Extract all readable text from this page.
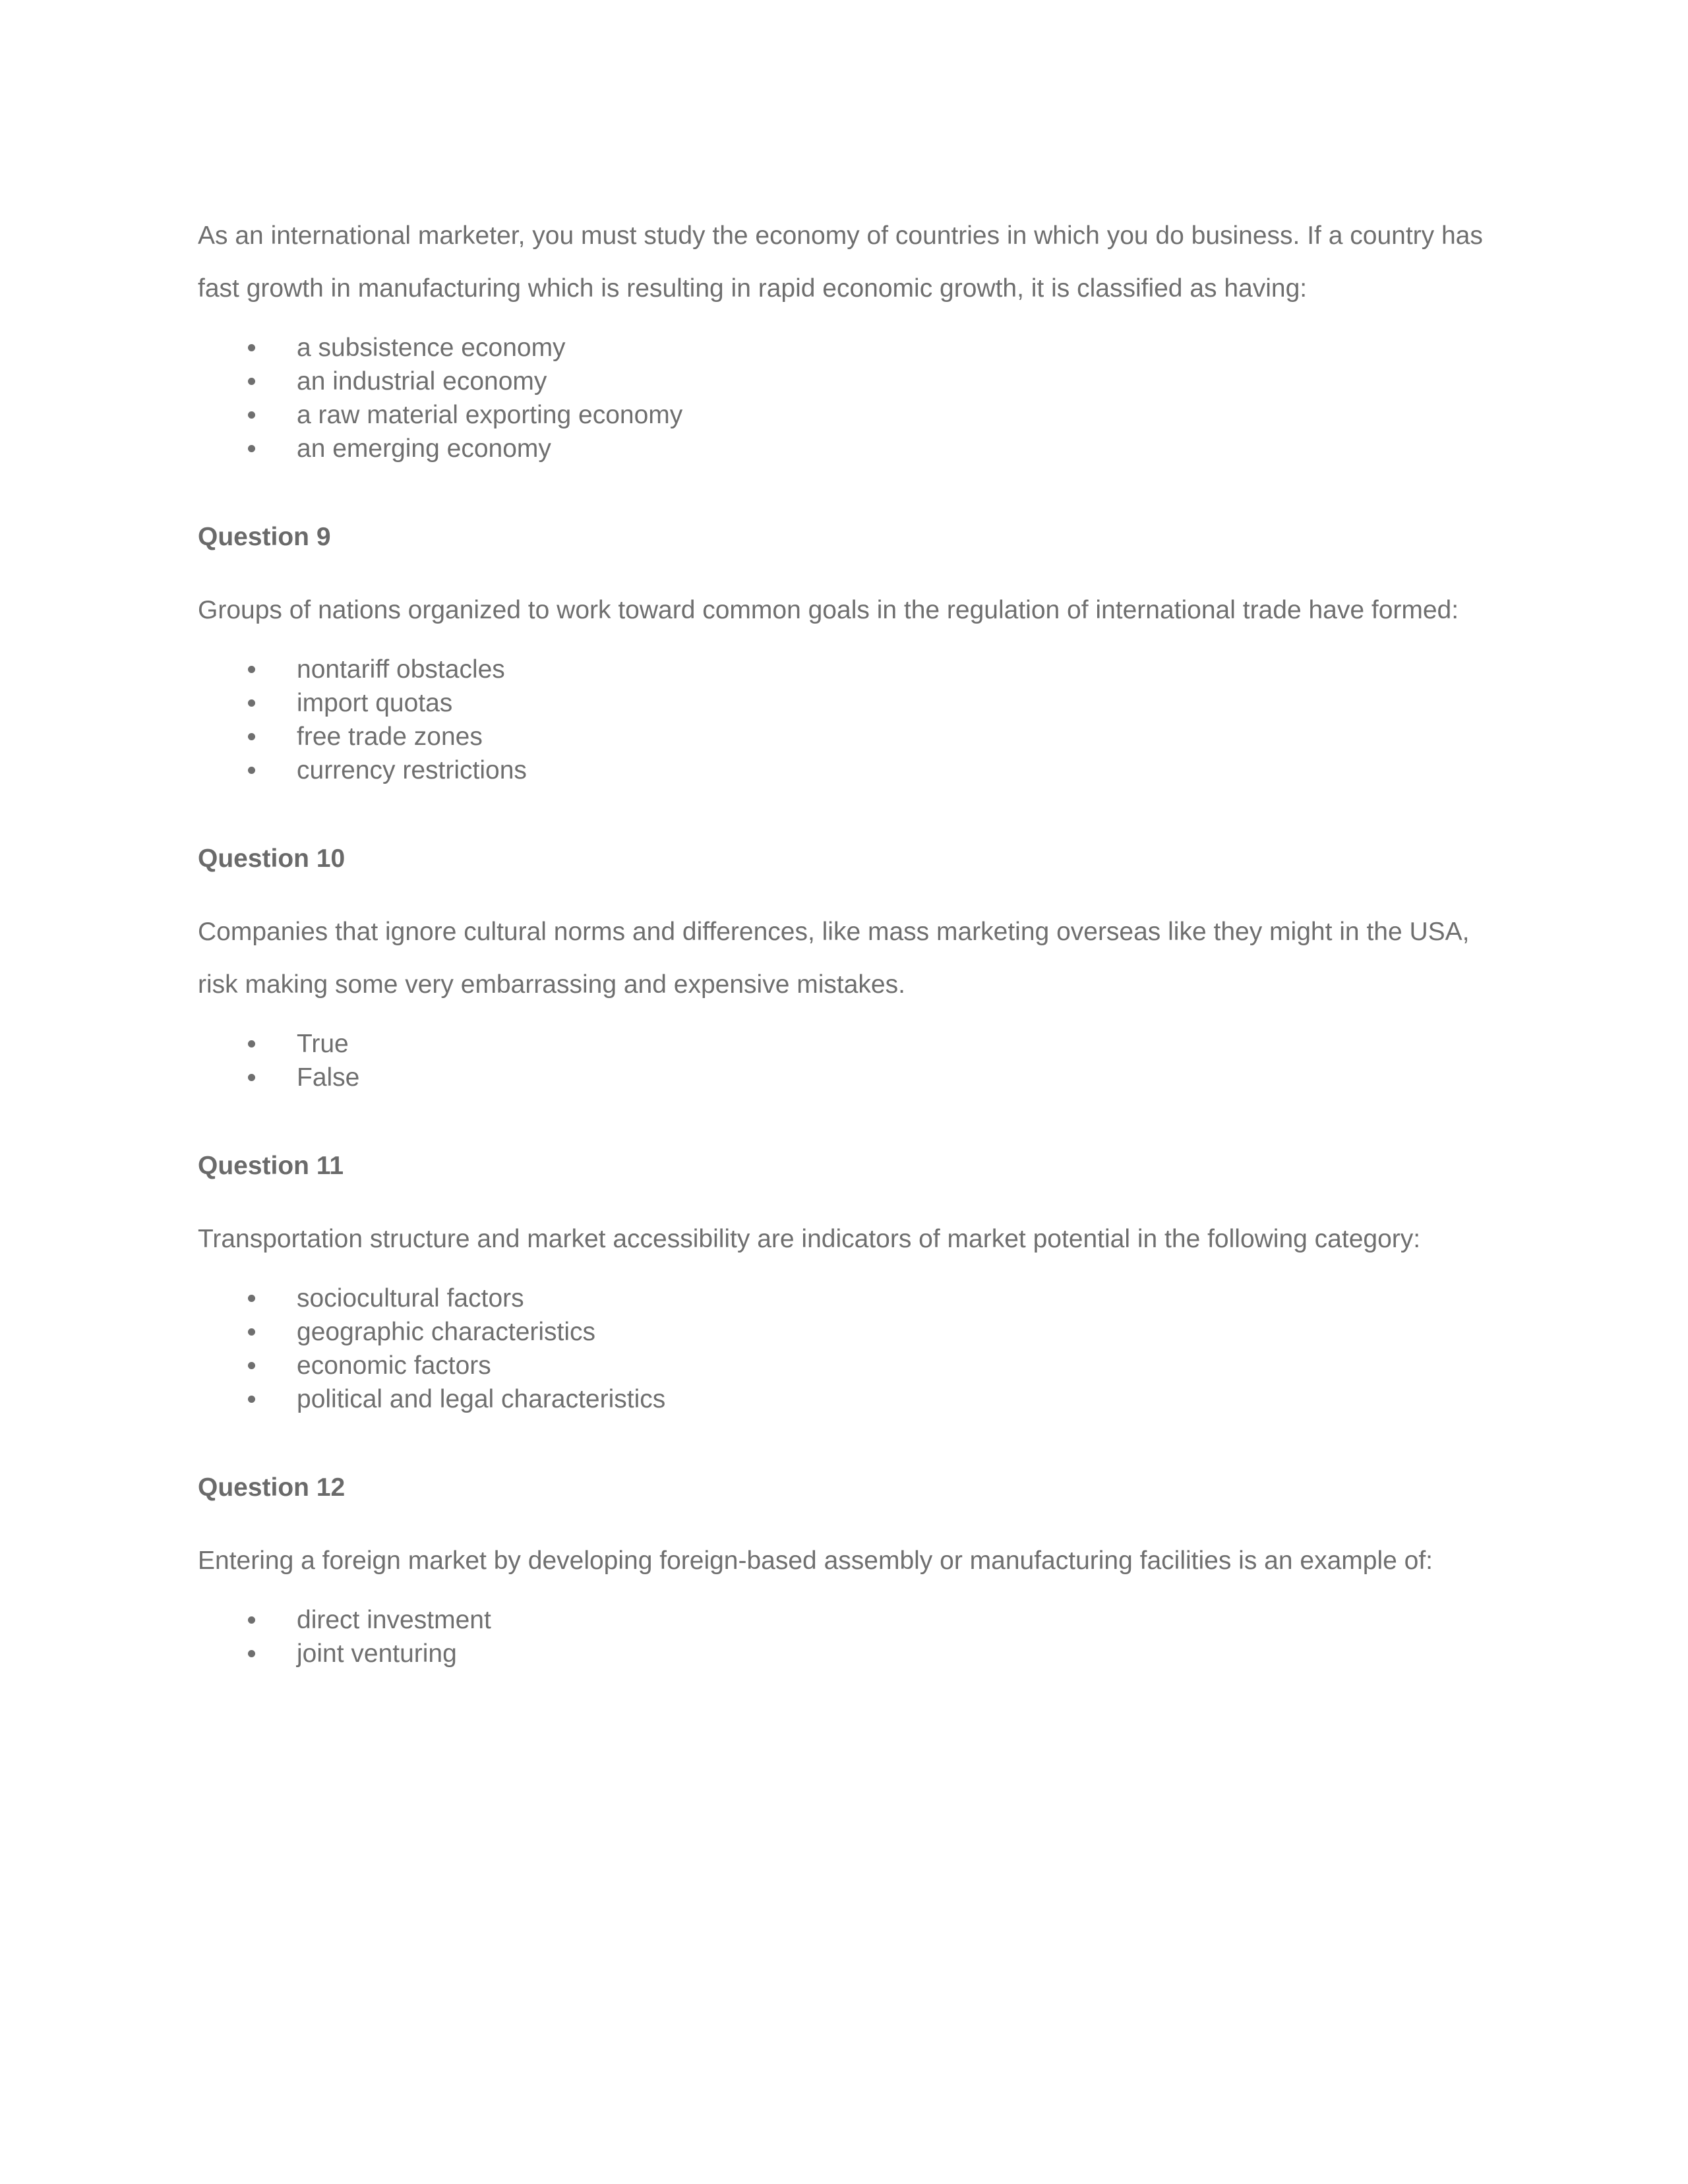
As an international marketer, you must study the economy of countries in which you do business. If a country has fast growth in manufacturing which is resulting in rapid economic growth, it is classified as having:

a subsistence economy
an industrial economy
a raw material exporting economy
an emerging economy
Question 9

Groups of nations organized to work toward common goals in the regulation of international trade have formed:

nontariff obstacles
import quotas
free trade zones
currency restrictions
Question 10

Companies that ignore cultural norms and differences, like mass marketing overseas like they might in the USA, risk making some very embarrassing and expensive mistakes.

True
False
Question 11

Transportation structure and market accessibility are indicators of market potential in the following category:

sociocultural factors
geographic characteristics
economic factors
political and legal characteristics
Question 12

Entering a foreign market by developing foreign-based assembly or manufacturing facilities is an example of:

direct investment
joint venturing
